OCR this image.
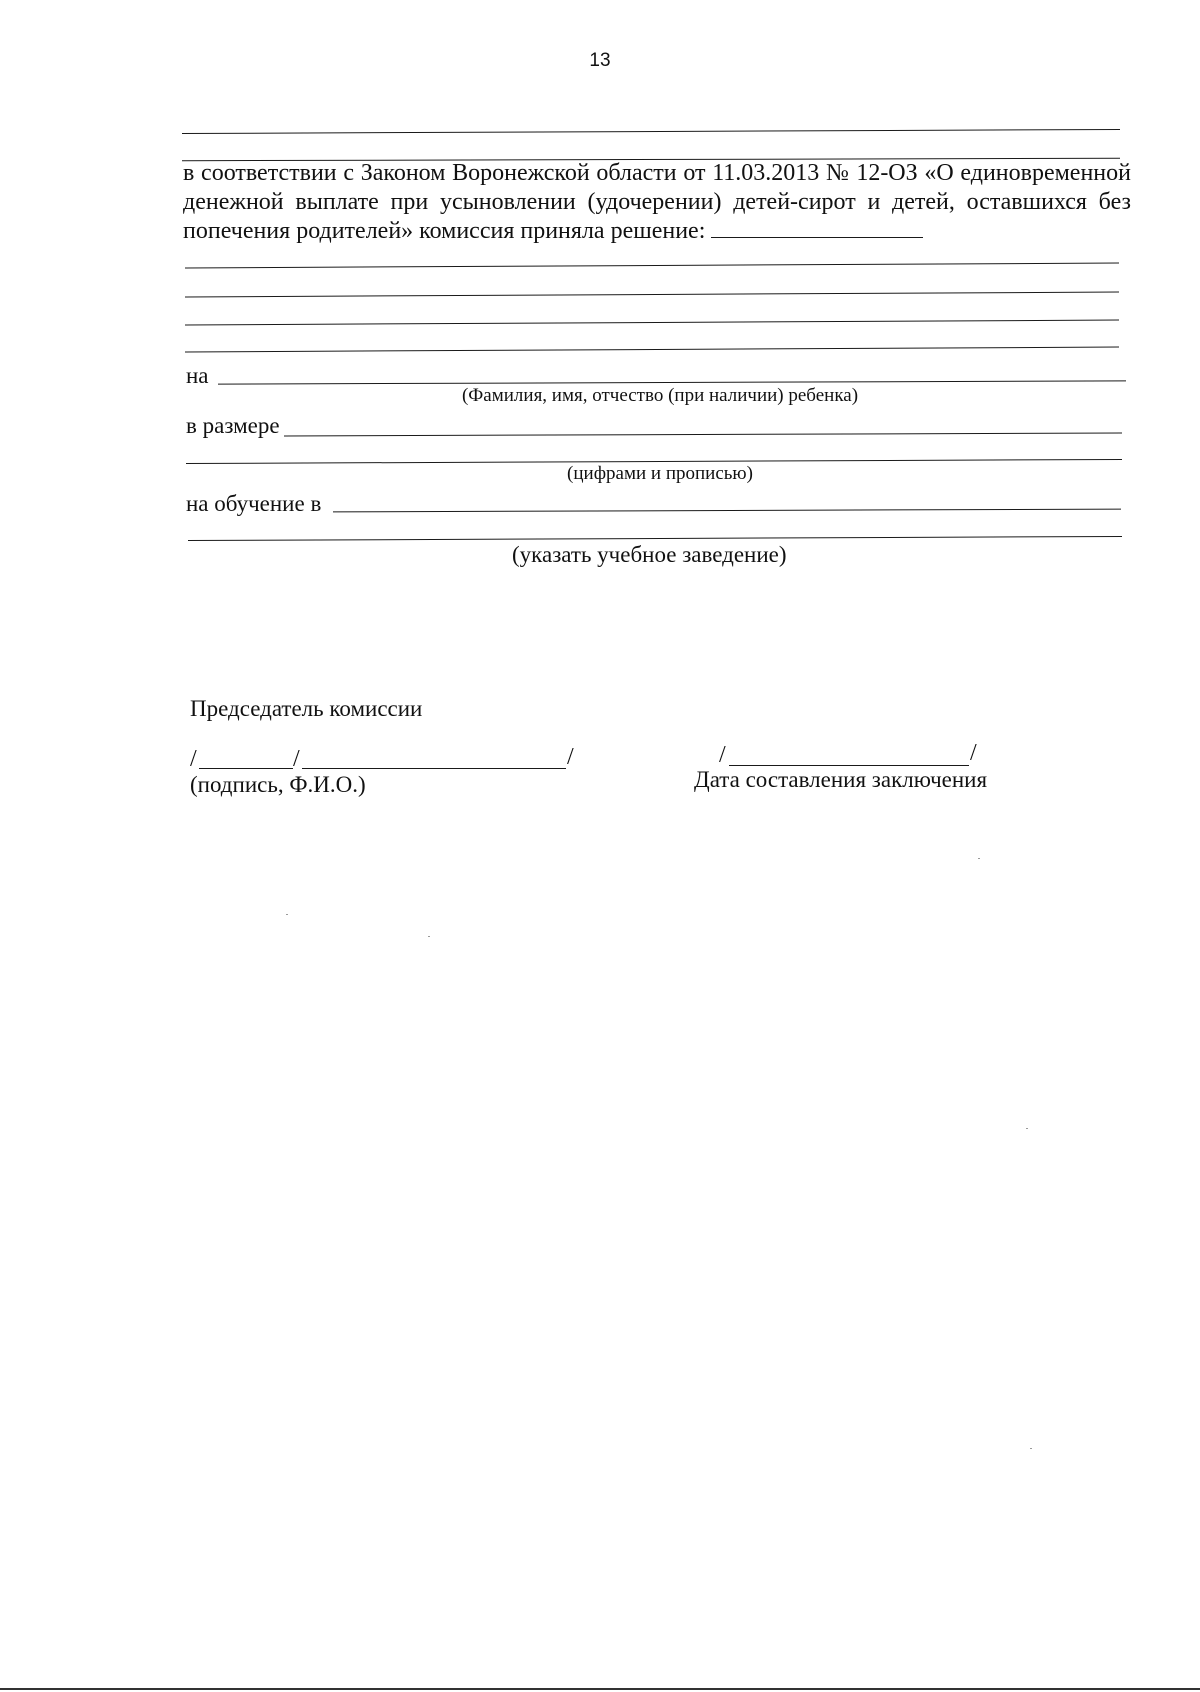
13
в соответствии с Законом Воронежской области от 11.03.2013 № 12-ОЗ «О единовременной денежной выплате при усыновлении (удочерении) детей-сирот и детей, оставшихся без попечения родителей» комиссия приняла решение:
на
(Фамилия, имя, отчество (при наличии) ребенка)
в размере
(цифрами и прописью)
на обучение в
(указать учебное заведение)
Председатель комиссии
/	/	/
(подпись, Ф.И.О.)
/	/
Дата составления заключения
